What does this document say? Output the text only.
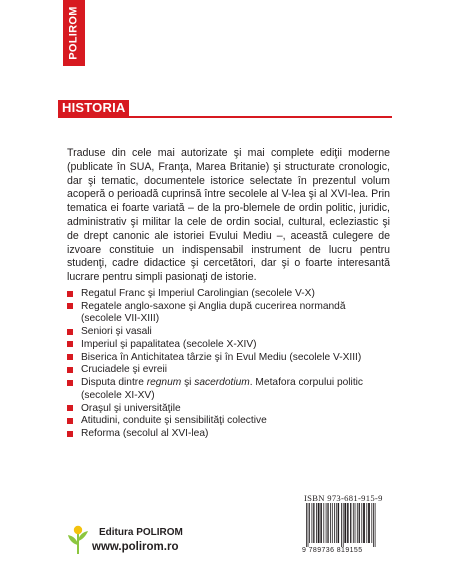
POLIROM
HISTORIA

Traduse din cele mai autorizate şi mai complete ediţii moderne (publicate în SUA, Franţa, Marea Britanie) şi structurate cronologic, dar şi tematic, documentele istorice selectate în prezentul volum acoperă o perioadă cuprinsă între secolele al V-lea şi al XVI-lea. Prin tematica ei foarte variată – de la pro-blemele de ordin politic, juridic, administrativ şi militar la cele de ordin social, cultural, ecleziastic şi de drept canonic ale istoriei Evului Mediu –, această culegere de izvoare constituie un indispensabil instrument de lucru pentru studenţi, cadre didactice şi cercetători, dar şi o foarte interesantă lucrare pentru simpli pasionaţi de istorie.

Regatul Franc şi Imperiul Carolingian (secolele V-X)
Regatele anglo-saxone şi Anglia după cucerirea normandă (secolele VII-XIII)
Seniori şi vasali
Imperiul şi papalitatea (secolele X-XIV)
Biserica în Antichitatea târzie şi în Evul Mediu (secolele V-XIII)
Cruciadele şi evreii
Disputa dintre regnum şi sacerdotium. Metafora corpului politic (secolele XI-XV)
Oraşul şi universităţile
Atitudini, conduite şi sensibilităţi colective
Reforma (secolul al XVI-lea)
ISBN 973-681-915-9
9 789736 819155
Editura POLIROM
www.polirom.ro
